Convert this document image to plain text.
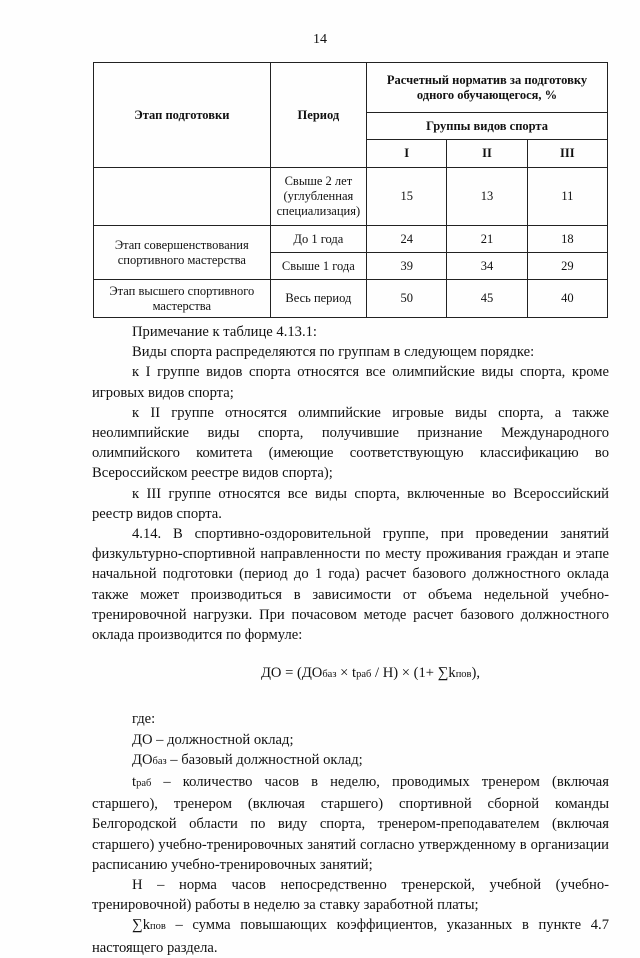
14
Этап подготовки	Период	Расчетный норматив за подготовку одного обучающегося, %		
		Группы видов спорта		
		I	II	III
	Свыше 2 лет (углубленная специализация)	15	13	11
Этап совершенствования спортивного мастерства	До 1 года	24	21	18
	Свыше 1 года	39	34	29
Этап высшего спортивного мастерства	Весь период	50	45	40

Примечание к таблице 4.13.1:

Виды спорта распределяются по группам в следующем порядке:

к I группе видов спорта относятся все олимпийские виды спорта, кроме игровых видов спорта;

к II группе относятся олимпийские игровые виды спорта, а также неолимпийские виды спорта, получившие признание Международного олимпийского комитета (имеющие соответствующую классификацию во Всероссийском реестре видов спорта);

к III группе относятся все виды спорта, включенные во Всероссийский реестр видов спорта.

4.14. В спортивно-оздоровительной группе, при проведении занятий физкультурно-спортивной направленности по месту проживания граждан и этапе начальной подготовки (период до 1 года) расчет базового должностного оклада также может производиться в зависимости от объема недельной учебно-тренировочной нагрузки. При почасовом методе расчет базового должностного оклада производится по формуле:

ДО = (ДОбаз × tраб / Н) × (1+ ∑kпов),

где:

ДО – должностной оклад;

ДОбаз – базовый должностной оклад;

tраб – количество часов в неделю, проводимых тренером (включая старшего), тренером (включая старшего) спортивной сборной команды Белгородской области по виду спорта, тренером-преподавателем (включая старшего) учебно-тренировочных занятий согласно утвержденному в организации расписанию учебно-тренировочных занятий;

Н – норма часов непосредственно тренерской, учебной (учебно-тренировочной) работы в неделю за ставку заработной платы;

∑kпов – сумма повышающих коэффициентов, указанных в пункте 4.7 настоящего раздела.
